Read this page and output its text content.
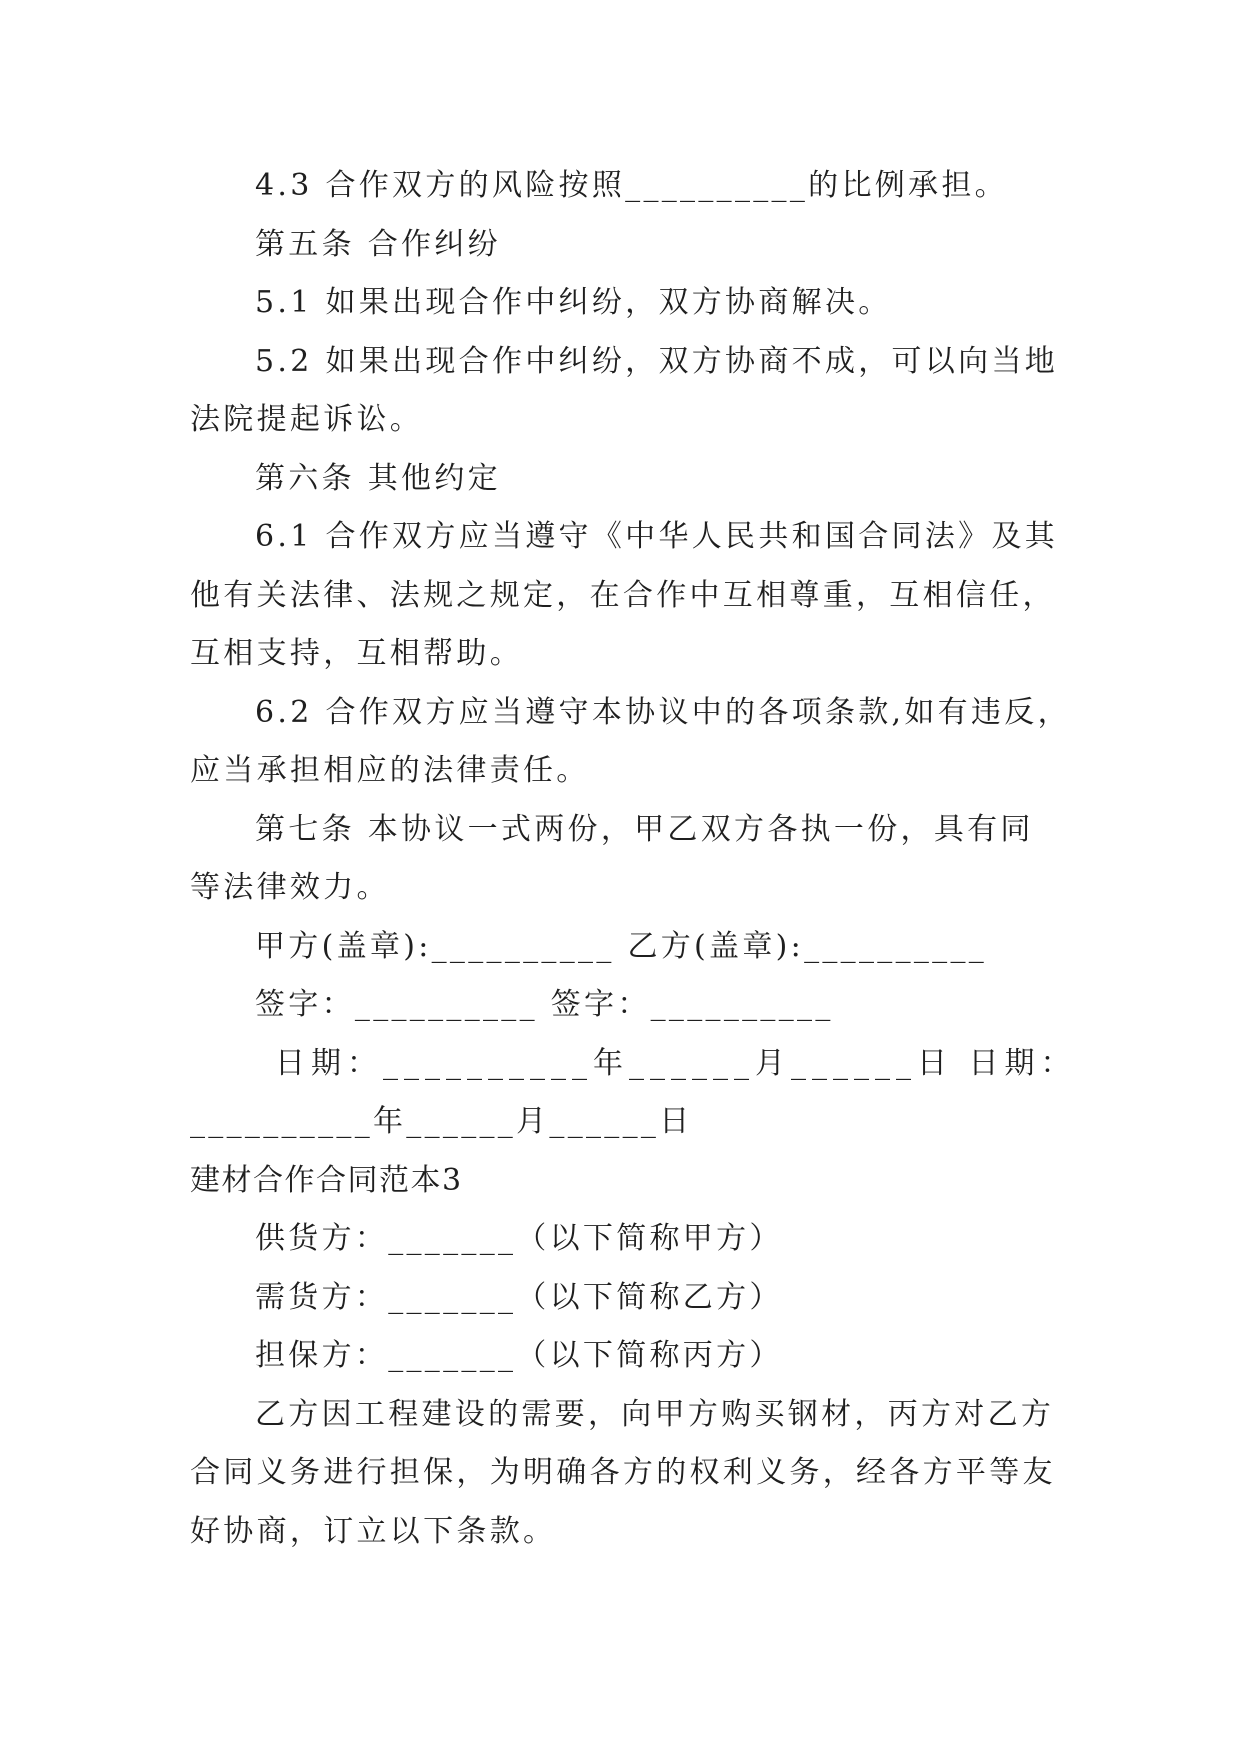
4.3 合作双方的风险按照__________的比例承担。
第五条 合作纠纷
5.1 如果出现合作中纠纷，双方协商解决。
5.2 如果出现合作中纠纷，双方协商不成，可以向当地
法院提起诉讼。
第六条 其他约定
6.1 合作双方应当遵守《中华人民共和国合同法》及其
他有关法律、法规之规定，在合作中互相尊重，互相信任，
互相支持，互相帮助。
6.2 合作双方应当遵守本协议中的各项条款,如有违反，
应当承担相应的法律责任。
第七条 本协议一式两份，甲乙双方各执一份，具有同
等法律效力。
甲方(盖章):__________ 乙方(盖章):__________
签字：__________ 签字：__________
日期：__________年______月______日 日期：
__________年______月______日
建材合作合同范本3
供货方：_______（以下简称甲方）
需货方：_______（以下简称乙方）
担保方：_______（以下简称丙方）
乙方因工程建设的需要，向甲方购买钢材，丙方对乙方
合同义务进行担保，为明确各方的权利义务，经各方平等友
好协商，订立以下条款。
